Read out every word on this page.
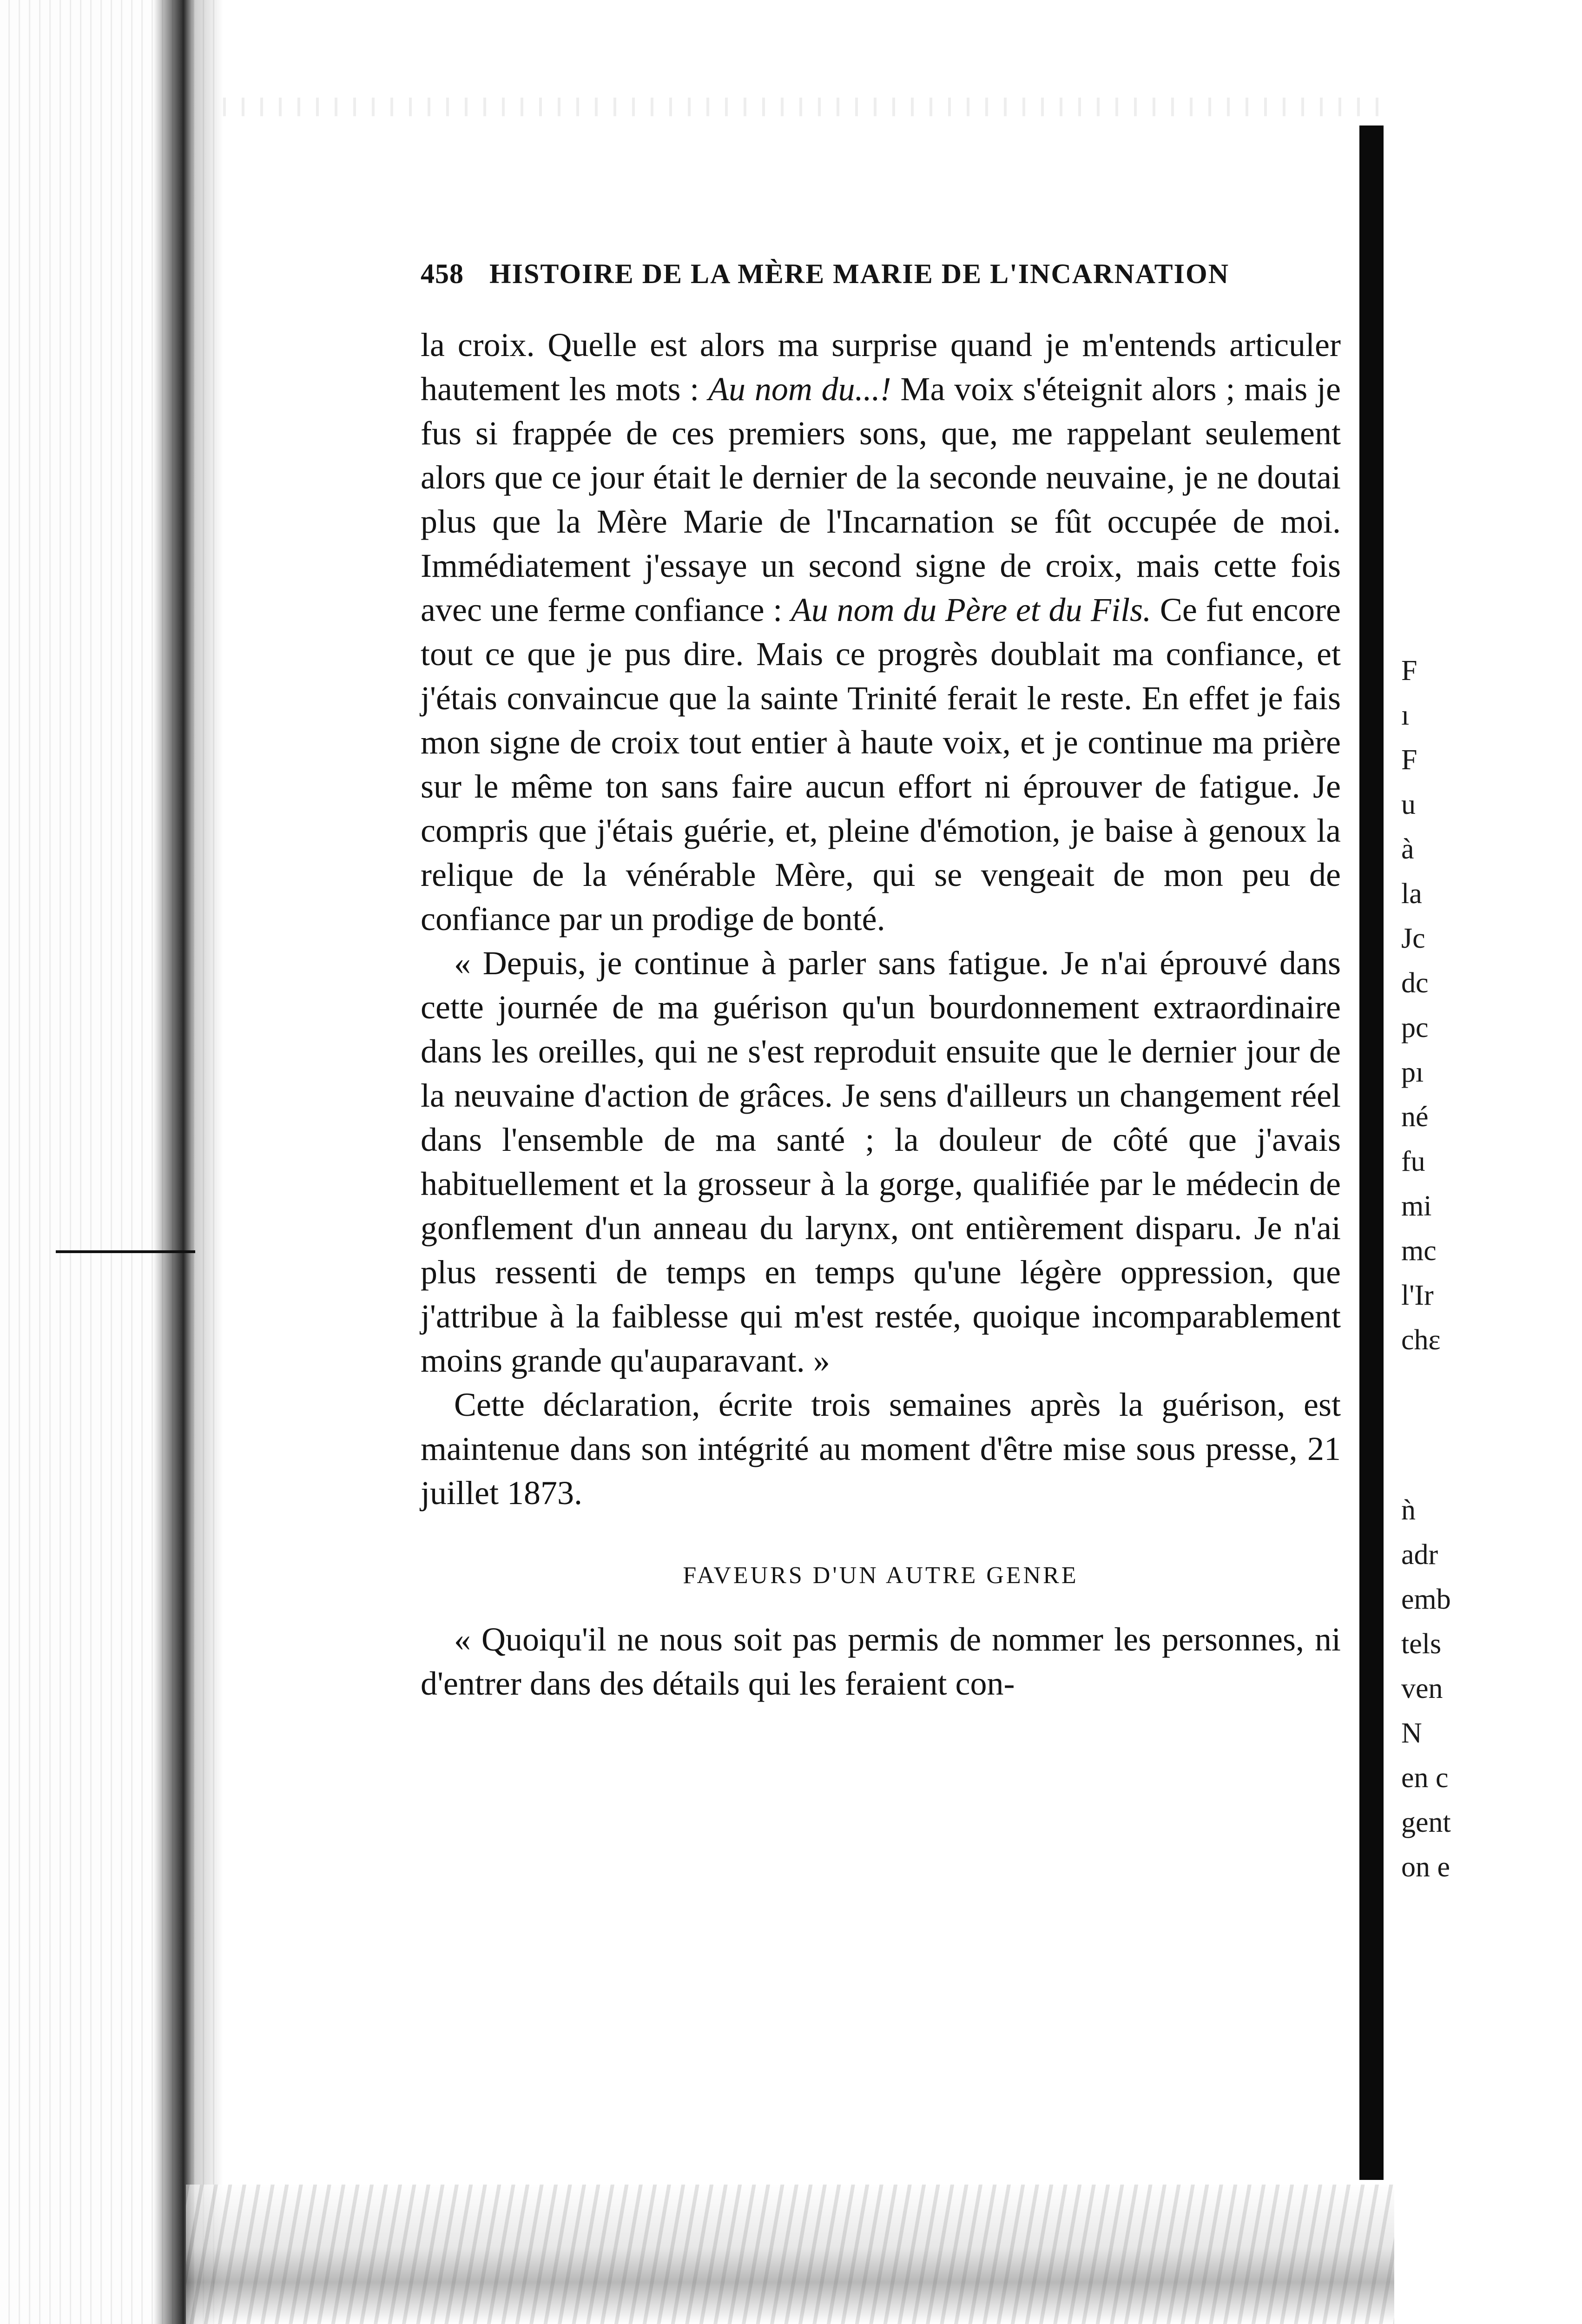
458 HISTOIRE DE LA MÈRE MARIE DE L'INCARNATION

la croix. Quelle est alors ma surprise quand je m'entends articuler hautement les mots : Au nom du...! Ma voix s'éteignit alors ; mais je fus si frappée de ces premiers sons, que, me rappelant seulement alors que ce jour était le dernier de la seconde neuvaine, je ne doutai plus que la Mère Marie de l'Incarnation se fût occupée de moi. Immédiatement j'essaye un second signe de croix, mais cette fois avec une ferme confiance : Au nom du Père et du Fils. Ce fut encore tout ce que je pus dire. Mais ce progrès doublait ma confiance, et j'étais convaincue que la sainte Trinité ferait le reste. En effet je fais mon signe de croix tout entier à haute voix, et je continue ma prière sur le même ton sans faire aucun effort ni éprouver de fatigue. Je compris que j'étais guérie, et, pleine d'émotion, je baise à genoux la relique de la vénérable Mère, qui se vengeait de mon peu de confiance par un prodige de bonté.

« Depuis, je continue à parler sans fatigue. Je n'ai éprouvé dans cette journée de ma guérison qu'un bourdonnement extraordinaire dans les oreilles, qui ne s'est reproduit ensuite que le dernier jour de la neuvaine d'action de grâces. Je sens d'ailleurs un changement réel dans l'ensemble de ma santé ; la douleur de côté que j'avais habituellement et la grosseur à la gorge, qualifiée par le médecin de gonflement d'un anneau du larynx, ont entièrement disparu. Je n'ai plus ressenti de temps en temps qu'une légère oppression, que j'attribue à la faiblesse qui m'est restée, quoique incomparablement moins grande qu'auparavant. »

Cette déclaration, écrite trois semaines après la guérison, est maintenue dans son intégrité au moment d'être mise sous presse, 21 juillet 1873.

FAVEURS D'UN AUTRE GENRE

« Quoiqu'il ne nous soit pas permis de nommer les personnes, ni d'entrer dans des détails qui les feraient con-

F
ı
F
u
à
la
Jc
dc
pc
pı
né
fu
mi
mc
l'Ir
chε
ǹ
adr
emb
tels
ven
N
en c
gent
on e
